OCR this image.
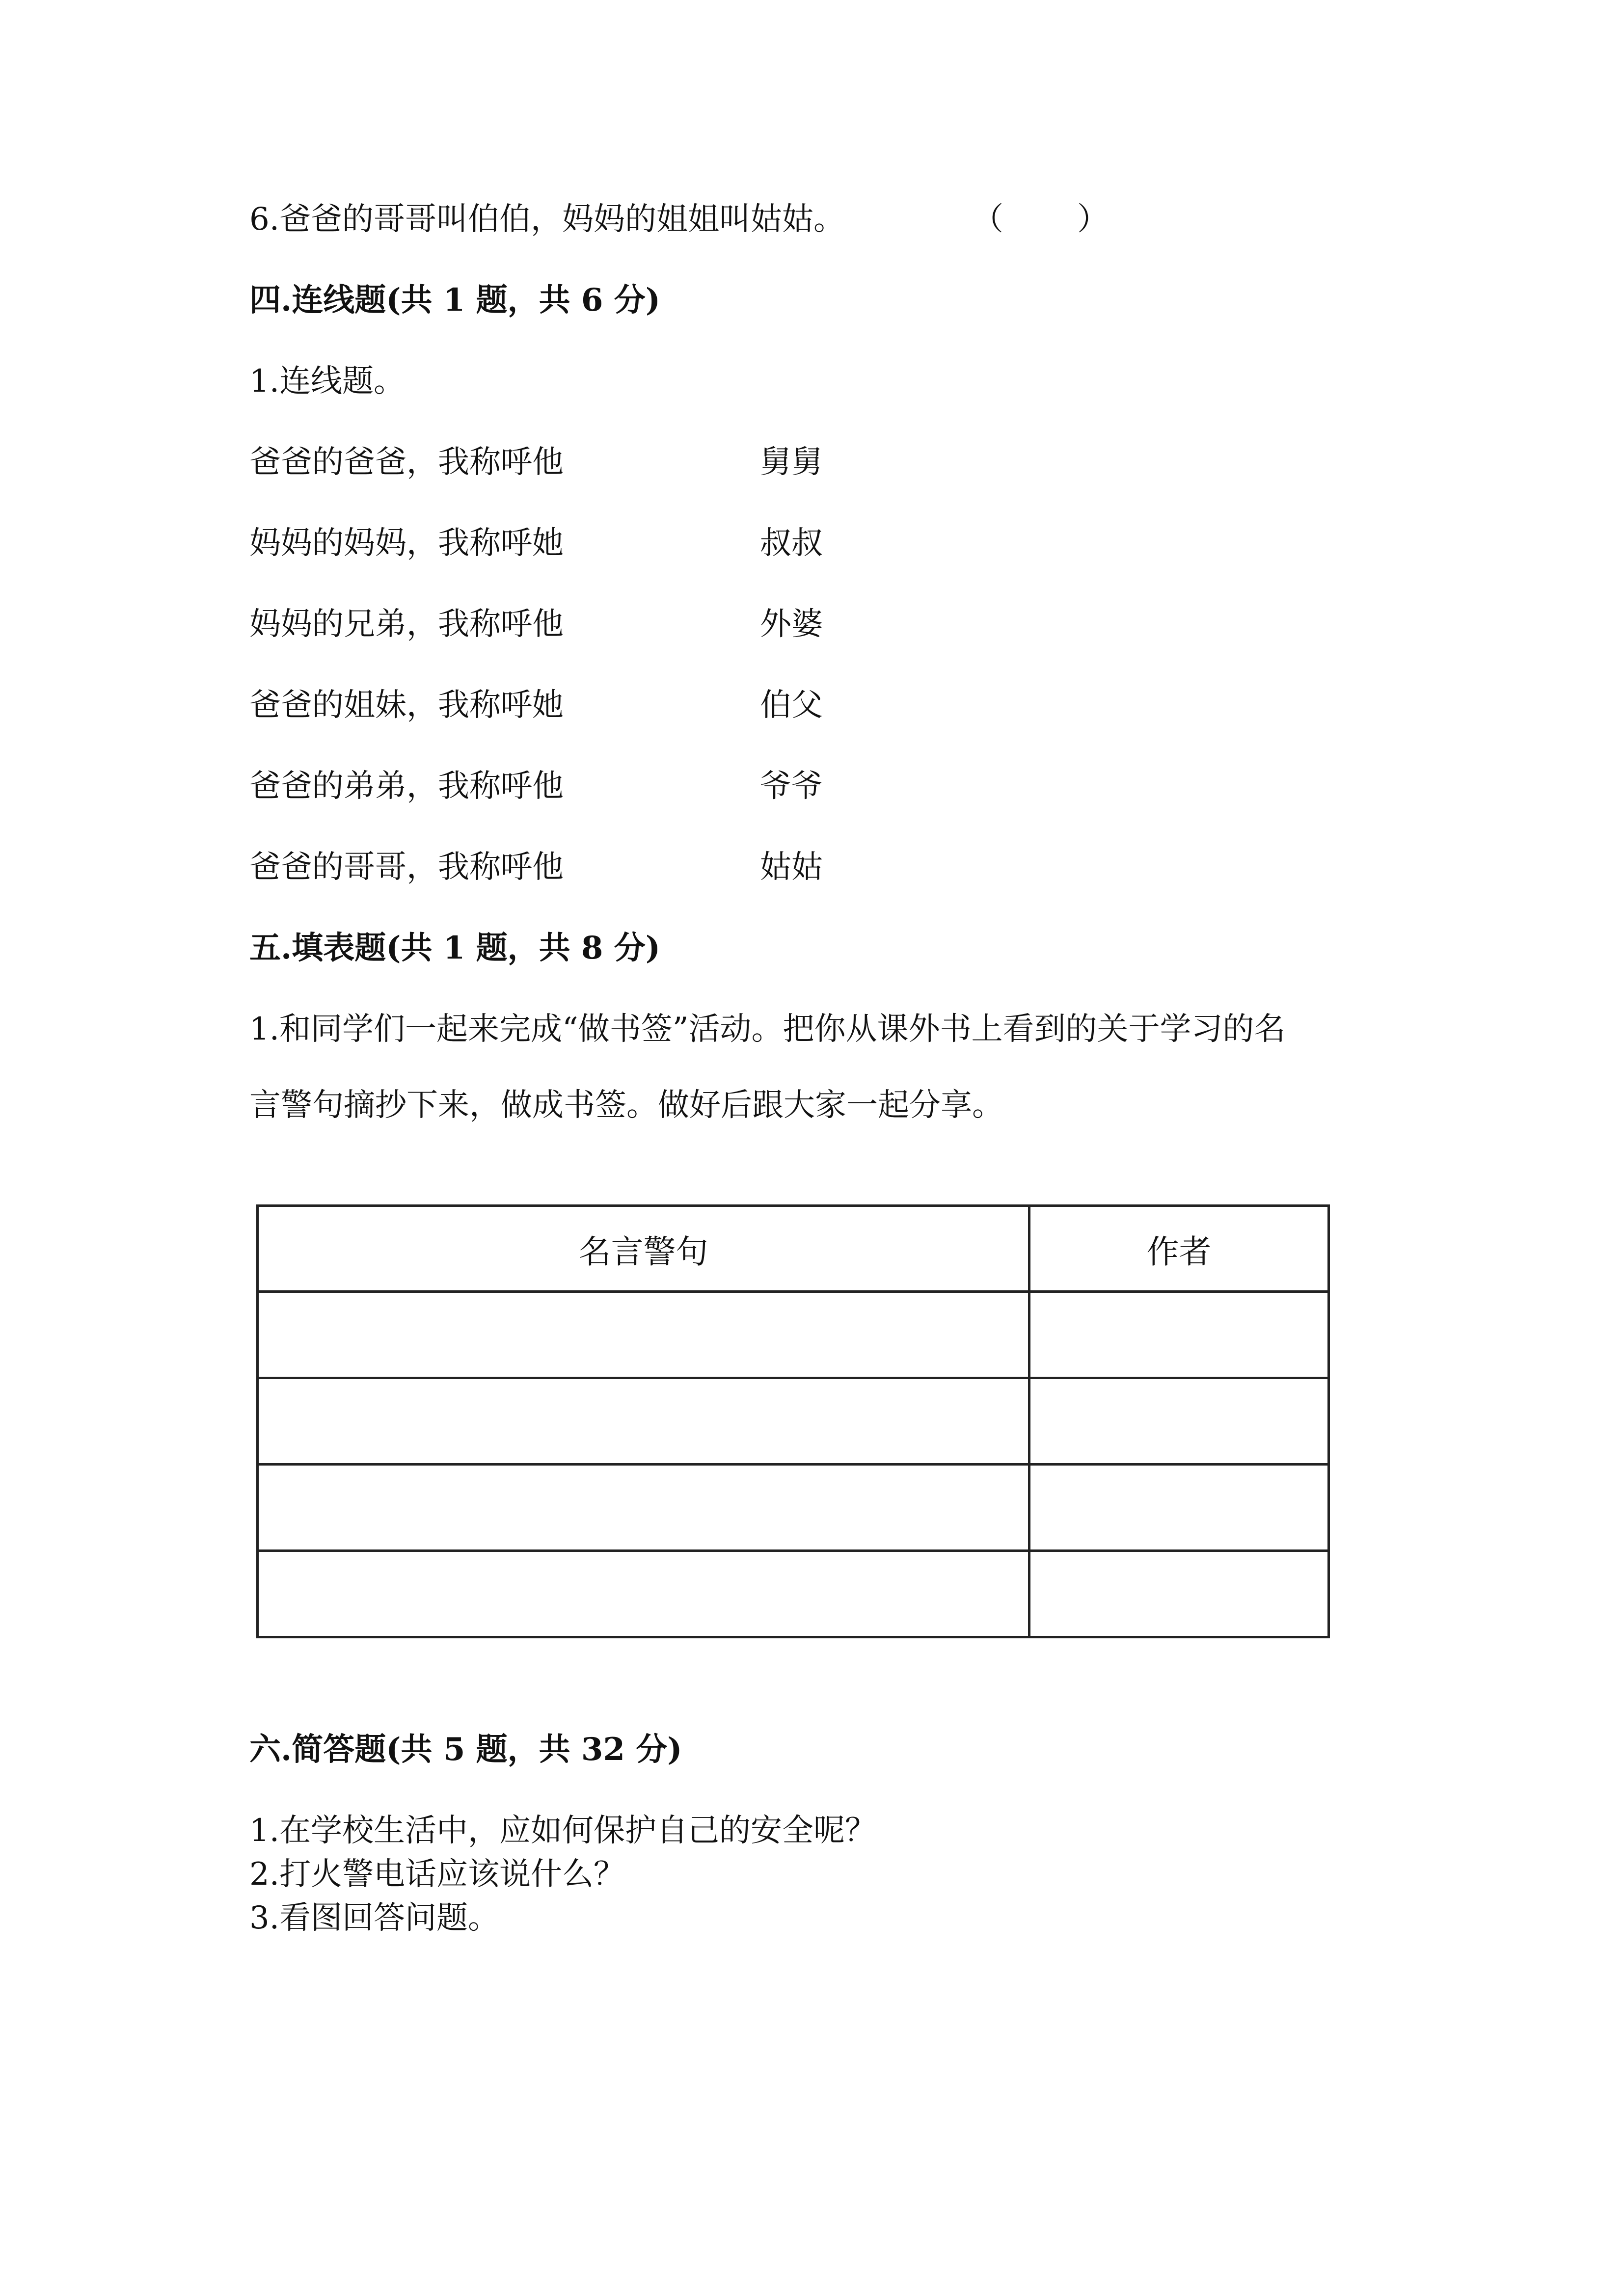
6.爸爸的哥哥叫伯伯，妈妈的姐姐叫姑姑。	（ ）
四.连线题(共 1 题，共 6 分)
1.连线题。
爸爸的爸爸，我称呼他	舅舅
妈妈的妈妈，我称呼她	叔叔
妈妈的兄弟，我称呼他	外婆
爸爸的姐妹，我称呼她	伯父
爸爸的弟弟，我称呼他	爷爷
爸爸的哥哥，我称呼他	姑姑
五.填表题(共 1 题，共 8 分)
1.和同学们一起来完成“做书签”活动。把你从课外书上看到的关于学习的名
言警句摘抄下来，做成书签。做好后跟大家一起分享。
名言警句	作者

六.简答题(共 5 题，共 32 分)
1.在学校生活中，应如何保护自己的安全呢？
2.打火警电话应该说什么？
3.看图回答问题。
